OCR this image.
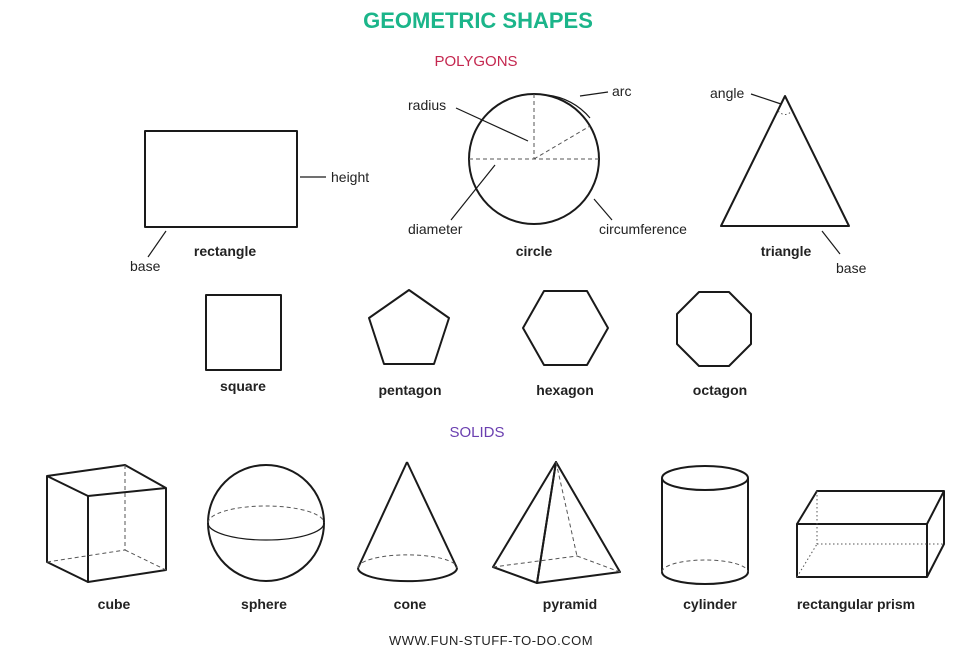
GEOMETRIC SHAPES
POLYGONS
height
base
rectangle
radius
arc
diameter	circumference
circle
angle
base
triangle
square	pentagon	hexagon	octagon
SOLIDS
cube	sphere	cone	pyramid	cylinder	rectangular prism
WWW.FUN-STUFF-TO-DO.COM
